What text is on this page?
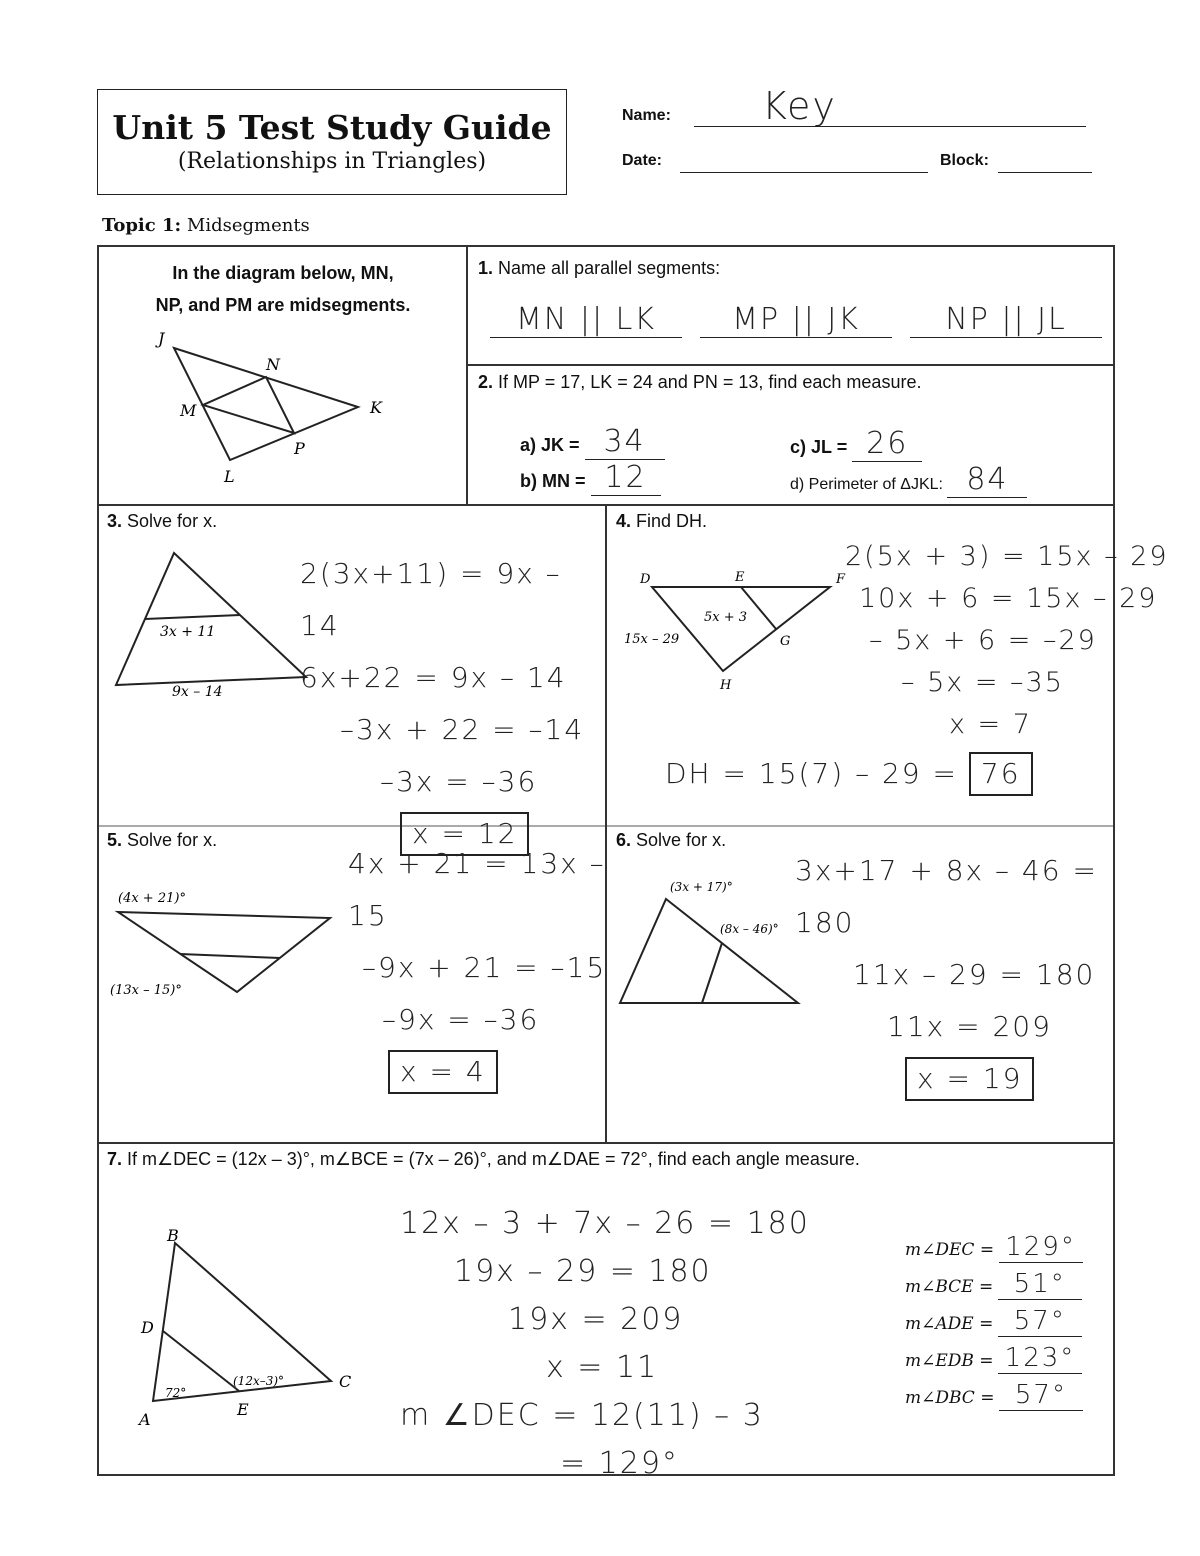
Unit 5 Test Study Guide
(Relationships in Triangles)
Name: Key
Date:	Block:
Topic 1: Midsegments
In the diagram below, MN,
NP, and PM are midsegments.
J
N
M	K
P
L
1. Name all parallel segments:
MN || LK	MP || JK	NP || JL
2. If MP = 17, LK = 24 and PN = 13, find each measure.
a) JK = 34
b) MN = 12
c) JL = 26
d) Perimeter of ΔJKL: 84
3. Solve for x.
3x + 11
9x – 14
2(3x+11) = 9x – 14
6x+22 = 9x – 14
–3x + 22 = –14
–3x = –36
x = 12
4. Find DH.
D	E	F
G
H
5x + 3
15x – 29
2(5x + 3) = 15x – 29
10x + 6 = 15x – 29
– 5x + 6 = –29
– 5x = –35
x = 7
DH = 15(7) – 29 = 76
5. Solve for x.
(4x + 21)°
(13x – 15)°
4x + 21 = 13x – 15
–9x + 21 = –15
–9x = –36
x = 4
6. Solve for x.
(3x + 17)°
(8x – 46)°
3x+17 + 8x – 46 = 180
11x – 29 = 180
11x = 209
x = 19
7. If m∠DEC = (12x – 3)°, m∠BCE = (7x – 26)°, and m∠DAE = 72°, find each angle measure.
B
D
A
E
C
72°
(12x–3)°
12x – 3 + 7x – 26 = 180
19x – 29 = 180
19x = 209
x = 11
m ∠DEC = 12(11) – 3
= 129°
m∠DEC = 129°
m∠BCE = 51°
m∠ADE = 57°
m∠EDB = 123°
m∠DBC = 57°
